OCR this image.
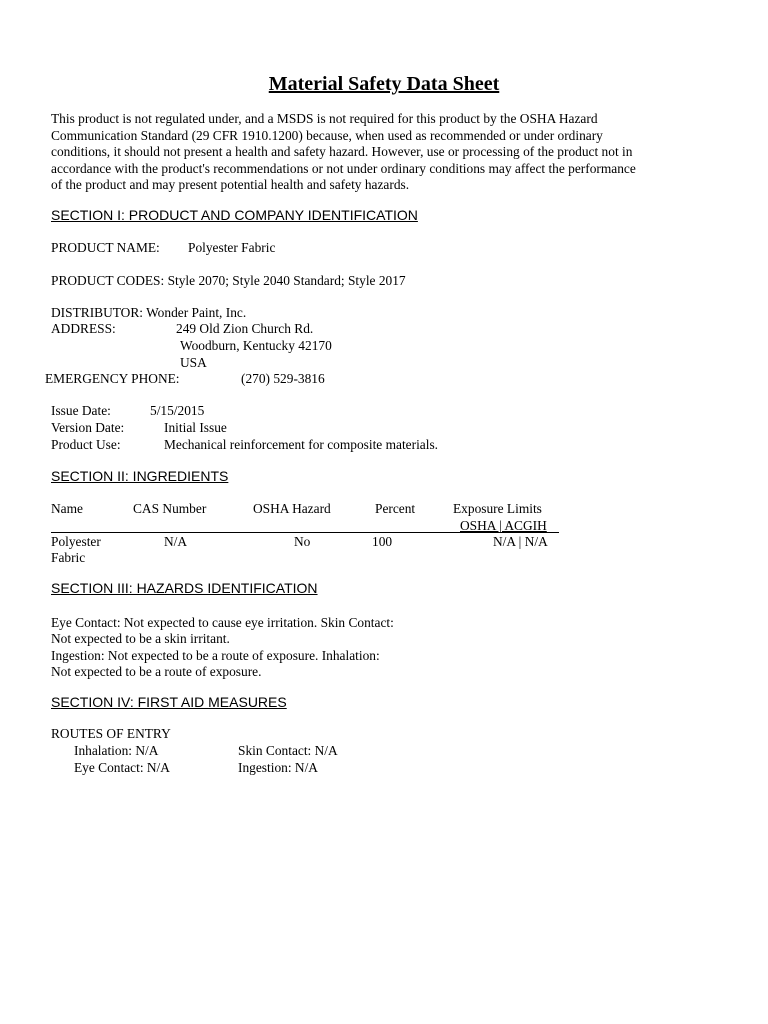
Material Safety Data Sheet
This product is not regulated under, and a MSDS is not required for this product by the OSHA Hazard
Communication Standard (29 CFR 1910.1200) because, when used as recommended or under ordinary
conditions, it should not present a health and safety hazard. However, use or processing of the product not in
accordance with the product's recommendations or not under ordinary conditions may affect the performance
of the product and may present potential health and safety hazards.
SECTION I: PRODUCT AND COMPANY IDENTIFICATION
PRODUCT NAME: Polyester Fabric
PRODUCT CODES: Style 2070; Style 2040 Standard; Style 2017
DISTRIBUTOR: Wonder Paint, Inc.
ADDRESS:	249 Old Zion Church Rd.
Woodburn, Kentucky 42170
USA
EMERGENCY PHONE:	(270) 529-3816
Issue Date:	5/15/2015
Version Date:	Initial Issue
Product Use:	Mechanical reinforcement for composite materials.
SECTION II: INGREDIENTS
Name	CAS Number	OSHA Hazard	Percent	Exposure Limits
OSHA | ACGIH
Polyester
Fabric
N/A	No	100	N/A | N/A
SECTION III: HAZARDS IDENTIFICATION
Eye Contact: Not expected to cause eye irritation. Skin Contact:
Not expected to be a skin irritant.
Ingestion: Not expected to be a route of exposure. Inhalation:
Not expected to be a route of exposure.
SECTION IV: FIRST AID MEASURES
ROUTES OF ENTRY
Inhalation: N/A	Skin Contact: N/A
Eye Contact: N/A	Ingestion: N/A
